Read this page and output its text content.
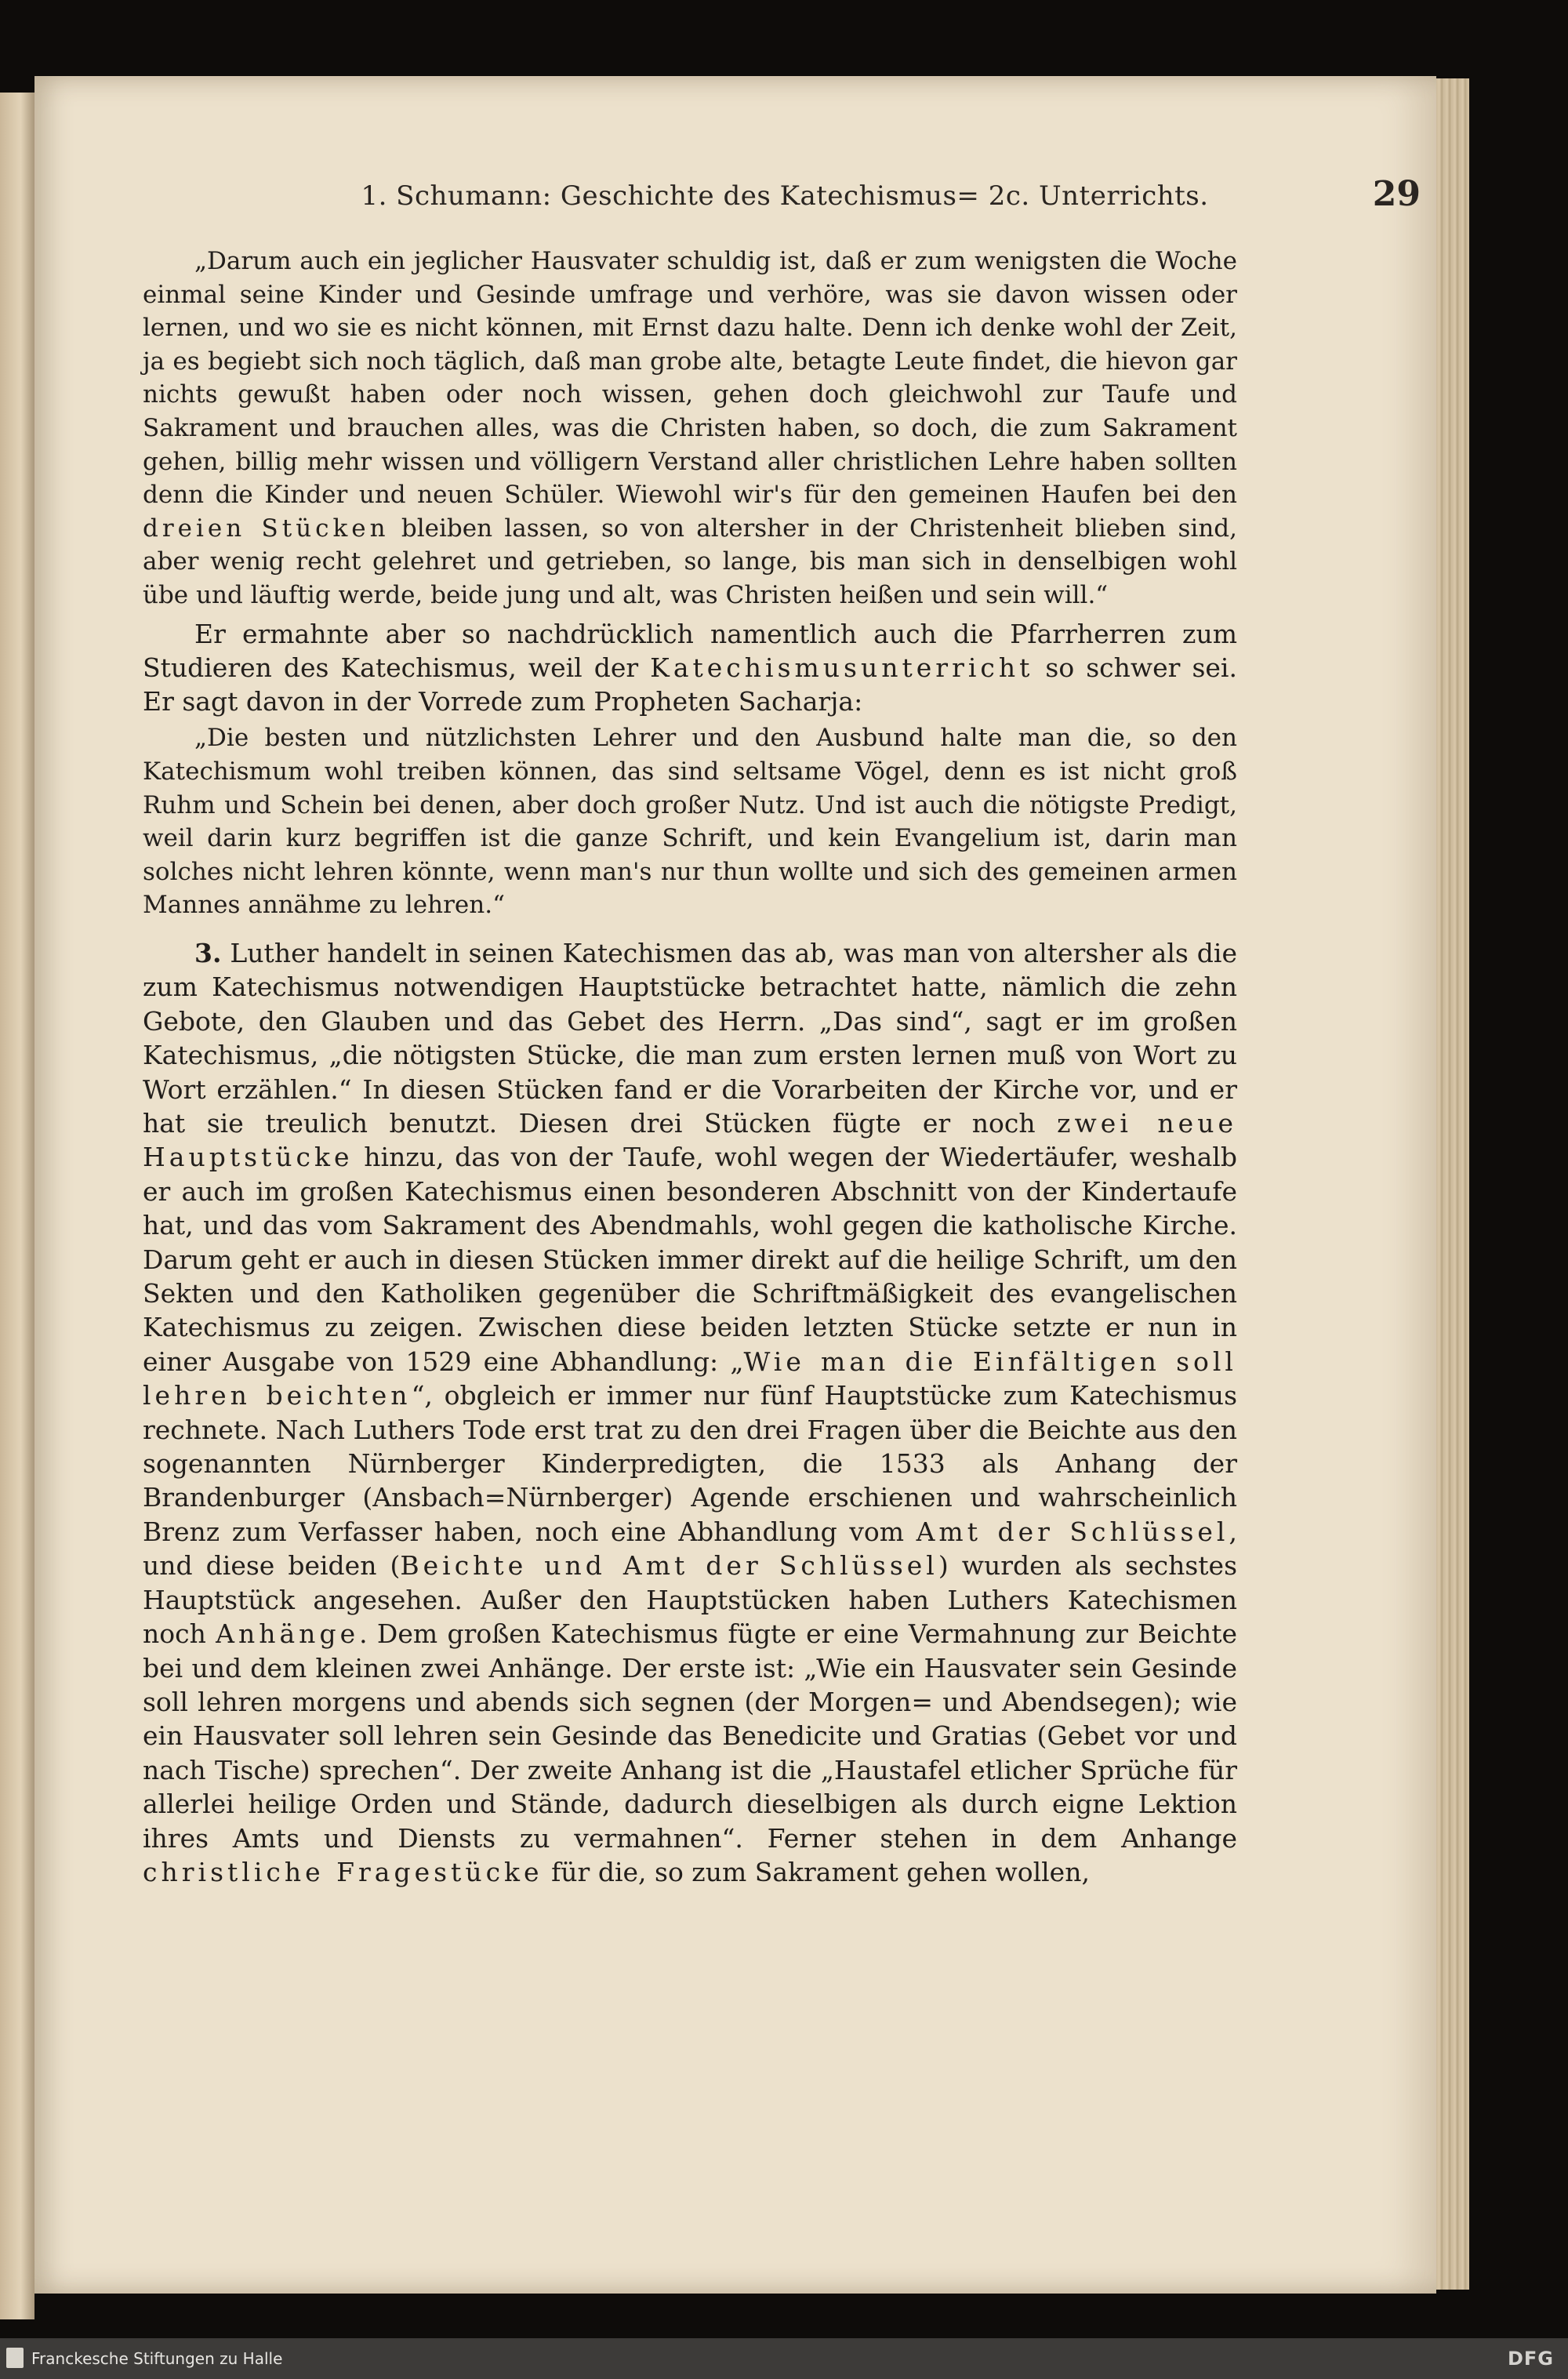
1. Schumann: Geschichte des Katechismus= 2c. Unterrichts.	29

„Darum auch ein jeglicher Hausvater schuldig ist, daß er zum wenigsten die Woche einmal seine Kinder und Gesinde umfrage und verhöre, was sie davon wissen oder lernen, und wo sie es nicht können, mit Ernst dazu halte. Denn ich denke wohl der Zeit, ja es begiebt sich noch täglich, daß man grobe alte, betagte Leute findet, die hievon gar nichts gewußt haben oder noch wissen, gehen doch gleichwohl zur Taufe und Sakrament und brauchen alles, was die Christen haben, so doch, die zum Sakrament gehen, billig mehr wissen und völligern Verstand aller christlichen Lehre haben sollten denn die Kinder und neuen Schüler. Wiewohl wir's für den gemeinen Haufen bei den dreien Stücken bleiben lassen, so von altersher in der Christenheit blieben sind, aber wenig recht gelehret und getrieben, so lange, bis man sich in denselbigen wohl übe und läuftig werde, beide jung und alt, was Christen heißen und sein will.“

Er ermahnte aber so nachdrücklich namentlich auch die Pfarrherren zum Studieren des Katechismus, weil der Katechismusunterricht so schwer sei. Er sagt davon in der Vorrede zum Propheten Sacharja:

„Die besten und nützlichsten Lehrer und den Ausbund halte man die, so den Katechismum wohl treiben können, das sind seltsame Vögel, denn es ist nicht groß Ruhm und Schein bei denen, aber doch großer Nutz. Und ist auch die nötigste Predigt, weil darin kurz begriffen ist die ganze Schrift, und kein Evangelium ist, darin man solches nicht lehren könnte, wenn man's nur thun wollte und sich des gemeinen armen Mannes annähme zu lehren.“

3. Luther handelt in seinen Katechismen das ab, was man von altersher als die zum Katechismus notwendigen Hauptstücke betrachtet hatte, nämlich die zehn Gebote, den Glauben und das Gebet des Herrn. „Das sind“, sagt er im großen Katechismus, „die nötigsten Stücke, die man zum ersten lernen muß von Wort zu Wort erzählen.“ In diesen Stücken fand er die Vorarbeiten der Kirche vor, und er hat sie treulich benutzt. Diesen drei Stücken fügte er noch zwei neue Hauptstücke hinzu, das von der Taufe, wohl wegen der Wiedertäufer, weshalb er auch im großen Katechismus einen besonderen Abschnitt von der Kindertaufe hat, und das vom Sakrament des Abendmahls, wohl gegen die katholische Kirche. Darum geht er auch in diesen Stücken immer direkt auf die heilige Schrift, um den Sekten und den Katholiken gegenüber die Schriftmäßigkeit des evangelischen Katechismus zu zeigen. Zwischen diese beiden letzten Stücke setzte er nun in einer Ausgabe von 1529 eine Abhandlung: „Wie man die Einfältigen soll lehren beichten“, obgleich er immer nur fünf Hauptstücke zum Katechismus rechnete. Nach Luthers Tode erst trat zu den drei Fragen über die Beichte aus den sogenannten Nürnberger Kinderpredigten, die 1533 als Anhang der Brandenburger (Ansbach=Nürnberger) Agende erschienen und wahrscheinlich Brenz zum Verfasser haben, noch eine Abhandlung vom Amt der Schlüssel, und diese beiden (Beichte und Amt der Schlüssel) wurden als sechstes Hauptstück angesehen. Außer den Hauptstücken haben Luthers Katechismen noch Anhänge. Dem großen Katechismus fügte er eine Vermahnung zur Beichte bei und dem kleinen zwei Anhänge. Der erste ist: „Wie ein Hausvater sein Gesinde soll lehren morgens und abends sich segnen (der Morgen= und Abendsegen); wie ein Hausvater soll lehren sein Gesinde das Benedicite und Gratias (Gebet vor und nach Tische) sprechen“. Der zweite Anhang ist die „Haustafel etlicher Sprüche für allerlei heilige Orden und Stände, dadurch dieselbigen als durch eigne Lektion ihres Amts und Diensts zu vermahnen“. Ferner stehen in dem Anhange christliche Fragestücke für die, so zum Sakrament gehen wollen,

Franckesche Stiftungen zu Halle	DFG
